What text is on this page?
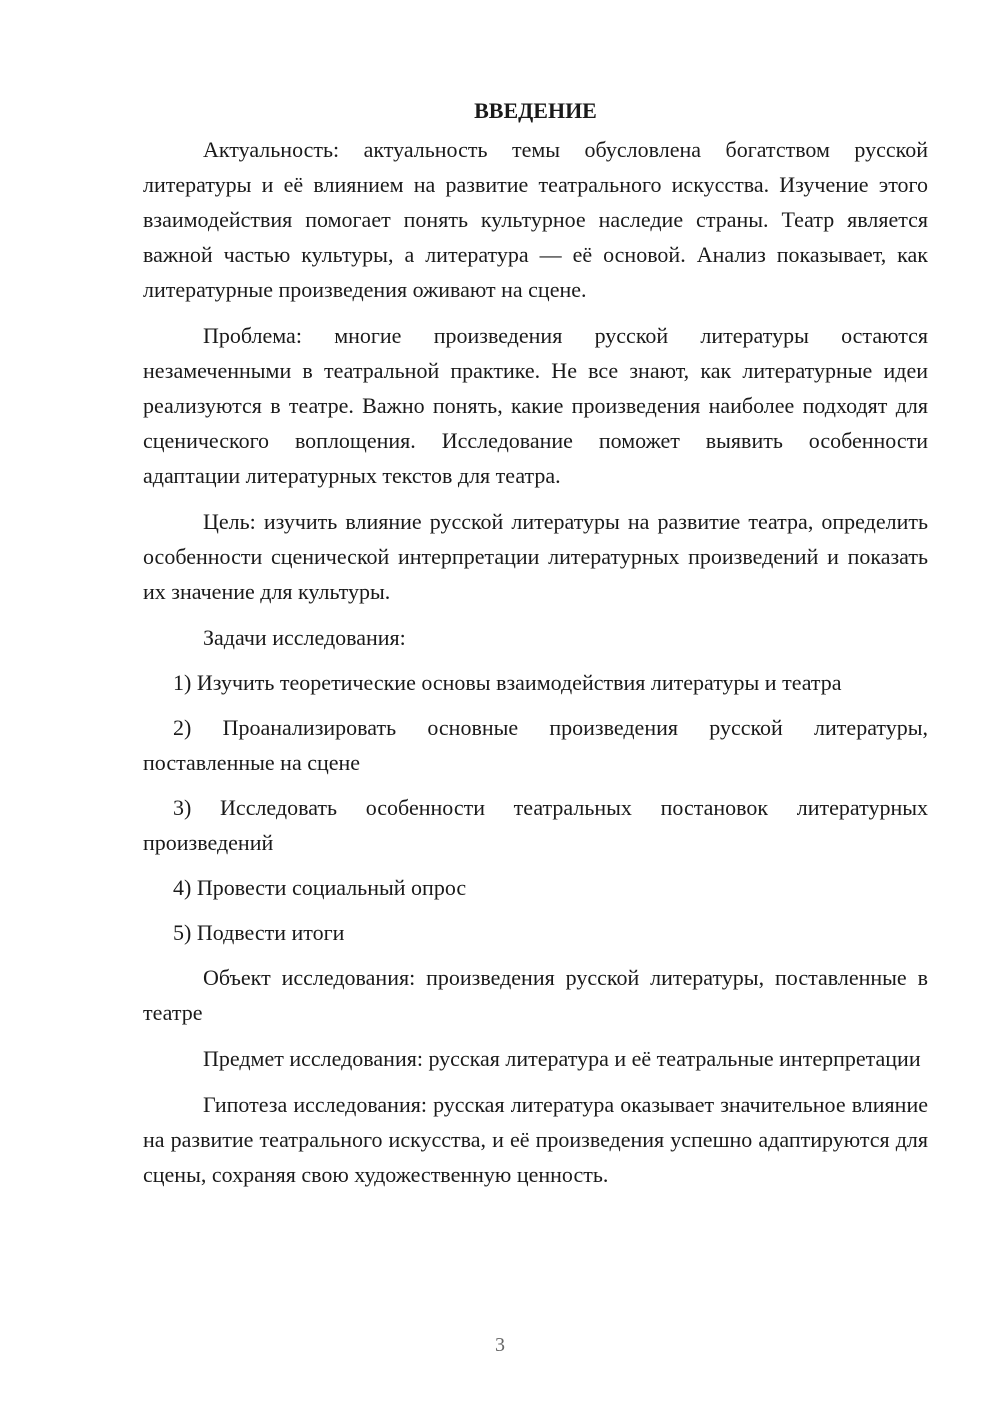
ВВЕДЕНИЕ

Актуальность: актуальность темы обусловлена богатством русской литературы и её влиянием на развитие театрального искусства. Изучение этого взаимодействия помогает понять культурное наследие страны. Театр является важной частью культуры, а литература — её основой. Анализ показывает, как литературные произведения оживают на сцене.

Проблема: многие произведения русской литературы остаются незамеченными в театральной практике. Не все знают, как литературные идеи реализуются в театре. Важно понять, какие произведения наиболее подходят для сценического воплощения. Исследование поможет выявить особенности адаптации литературных текстов для театра.

Цель: изучить влияние русской литературы на развитие театра, определить особенности сценической интерпретации литературных произведений и показать их значение для культуры.

Задачи исследования:

1) Изучить теоретические основы взаимодействия литературы и театра

2) Проанализировать основные произведения русской литературы, поставленные на сцене

3) Исследовать особенности театральных постановок литературных произведений

4) Провести социальный опрос

5) Подвести итоги

Объект исследования: произведения русской литературы, поставленные в театре

Предмет исследования: русская литература и её театральные интерпретации

Гипотеза исследования: русская литература оказывает значительное влияние на развитие театрального искусства, и её произведения успешно адаптируются для сцены, сохраняя свою художественную ценность.

3
